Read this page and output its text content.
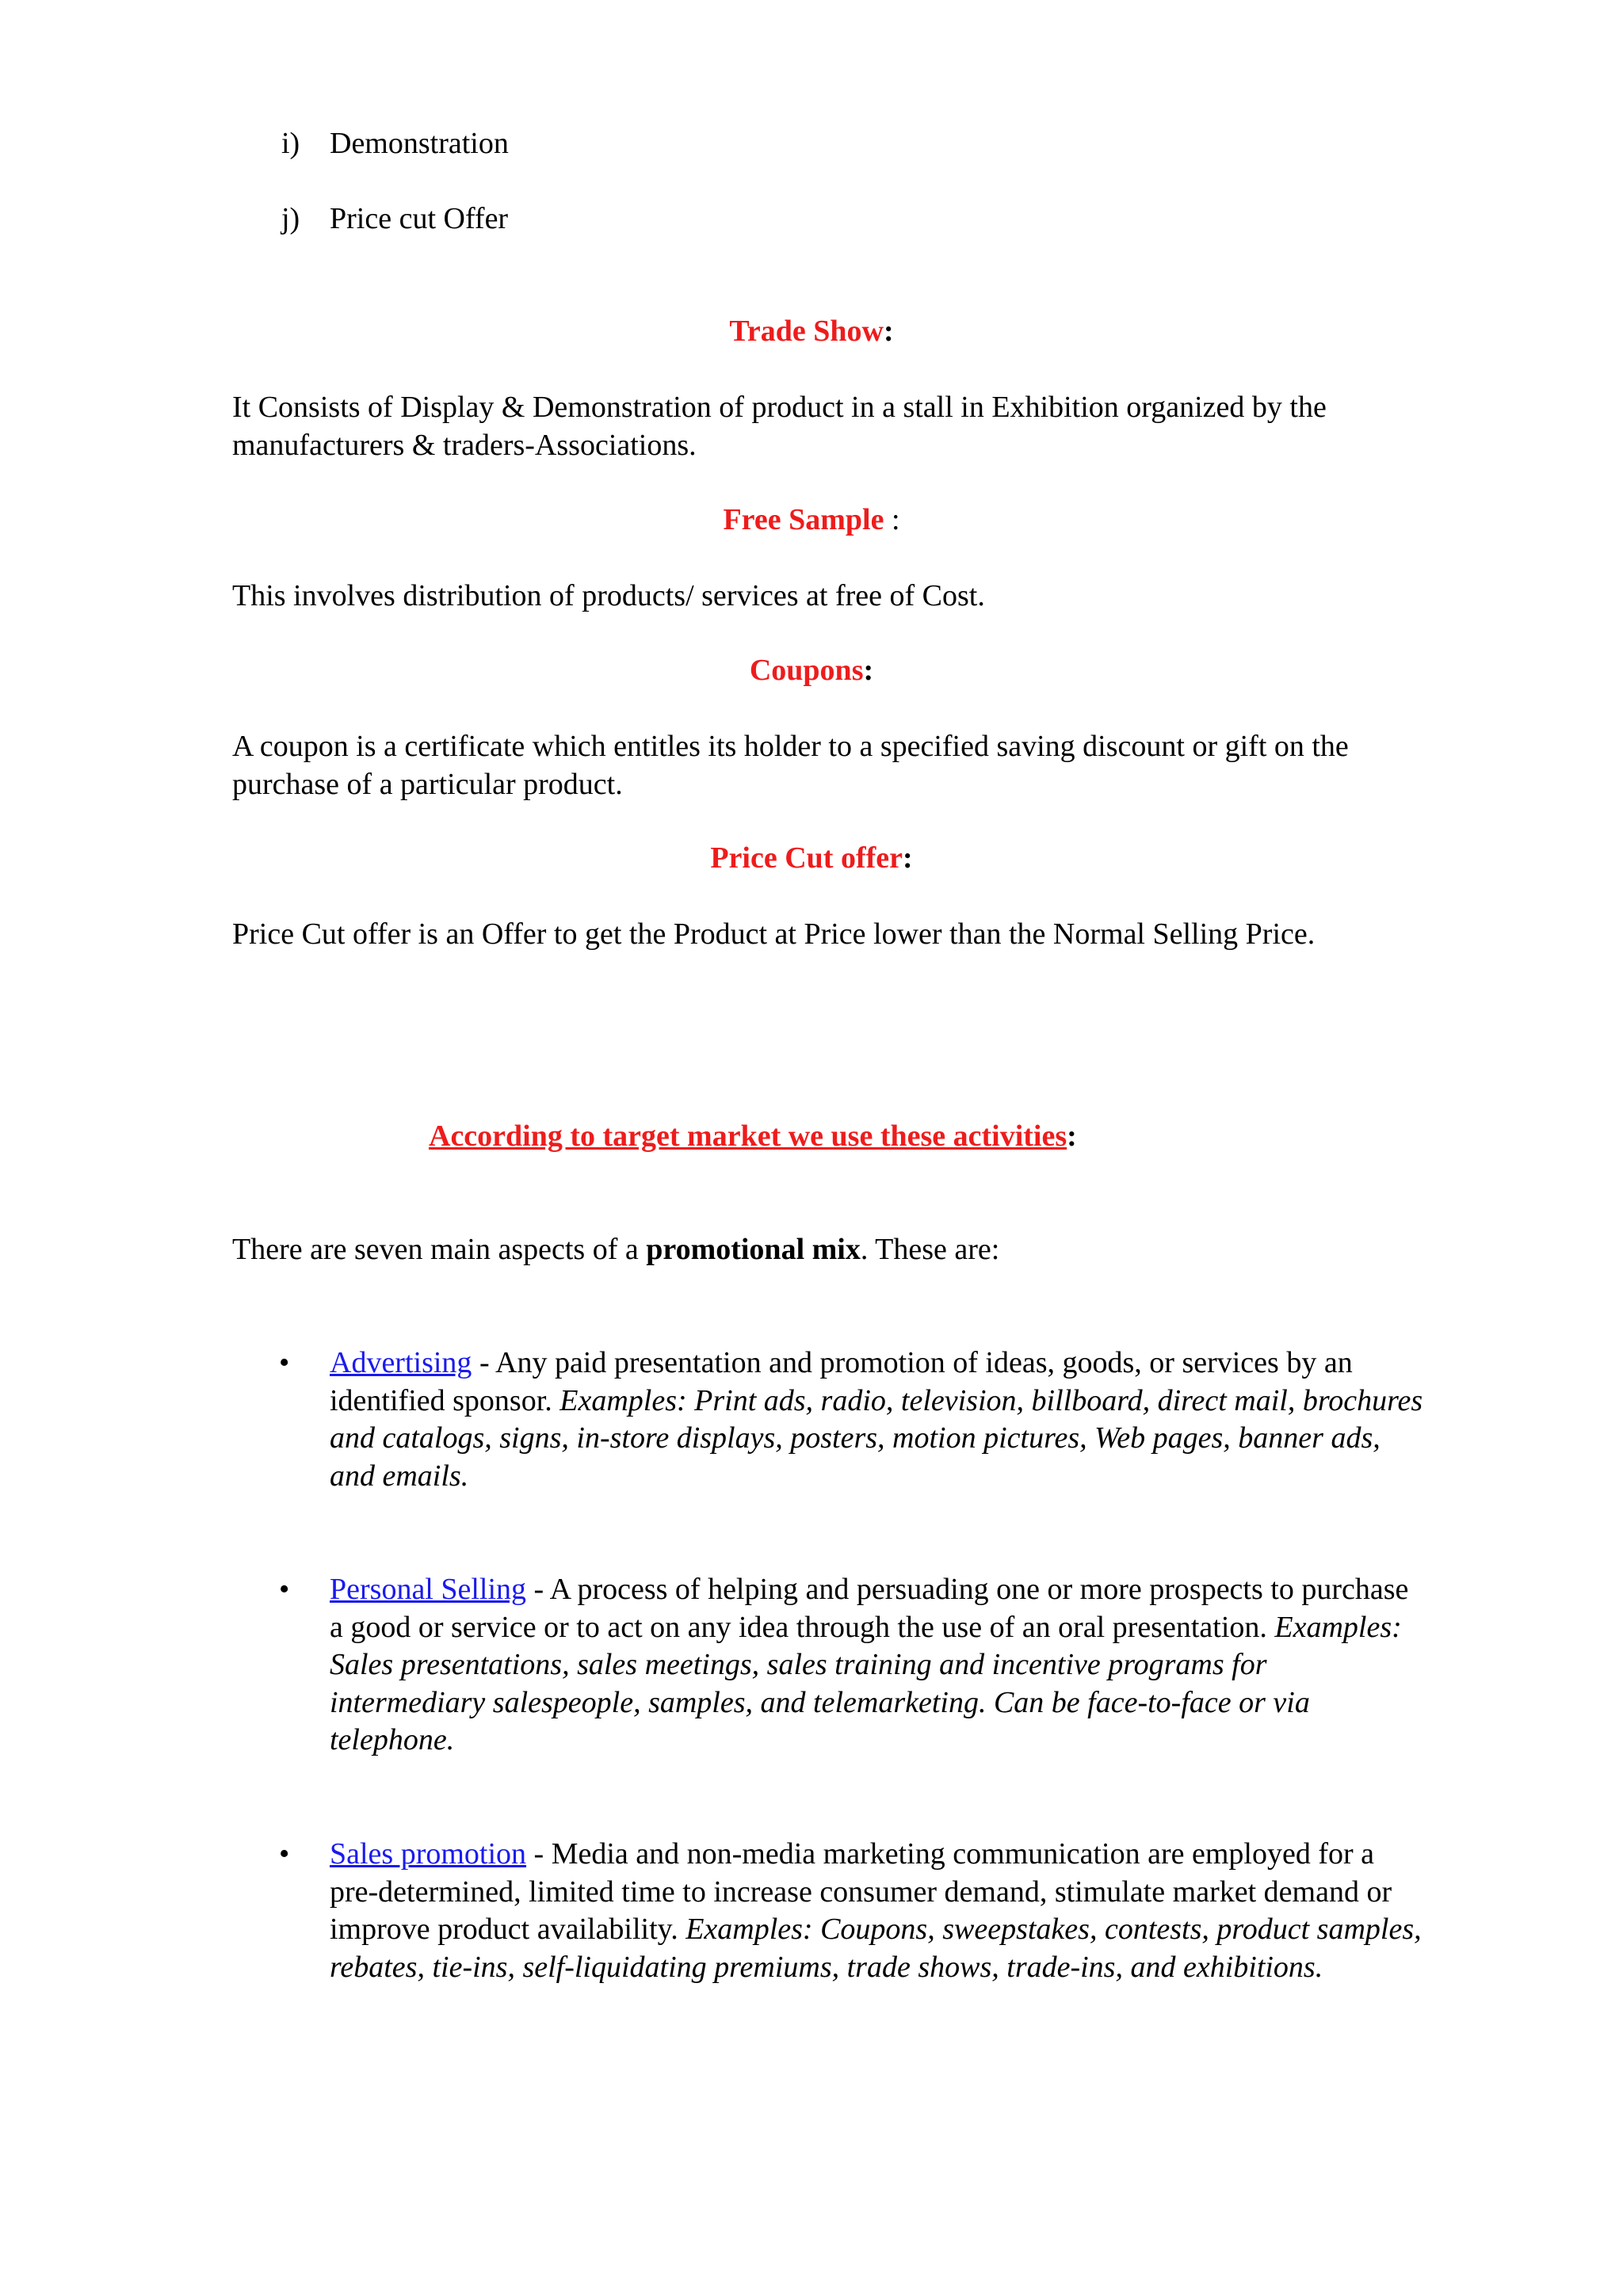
i) Demonstration
j) Price cut Offer
Trade Show:
It Consists of Display & Demonstration of product in a stall in Exhibition organized by the manufacturers & traders-Associations.
Free Sample :
This involves distribution of products/ services at free of Cost.
Coupons:
A coupon is a certificate which entitles its holder to a specified saving discount or gift on the purchase of a particular product.
Price Cut offer:
Price Cut offer is an Offer to get the Product at Price lower than the Normal Selling Price.
According to target market we use these activities:
There are seven main aspects of a promotional mix. These are:
• Advertising - Any paid presentation and promotion of ideas, goods, or services by an identified sponsor. Examples: Print ads, radio, television, billboard, direct mail, brochures and catalogs, signs, in-store displays, posters, motion pictures, Web pages, banner ads, and emails.
• Personal Selling - A process of helping and persuading one or more prospects to purchase a good or service or to act on any idea through the use of an oral presentation. Examples: Sales presentations, sales meetings, sales training and incentive programs for intermediary salespeople, samples, and telemarketing. Can be face-to-face or via telephone.
• Sales promotion - Media and non-media marketing communication are employed for a pre-determined, limited time to increase consumer demand, stimulate market demand or improve product availability. Examples: Coupons, sweepstakes, contests, product samples, rebates, tie-ins, self-liquidating premiums, trade shows, trade-ins, and exhibitions.
